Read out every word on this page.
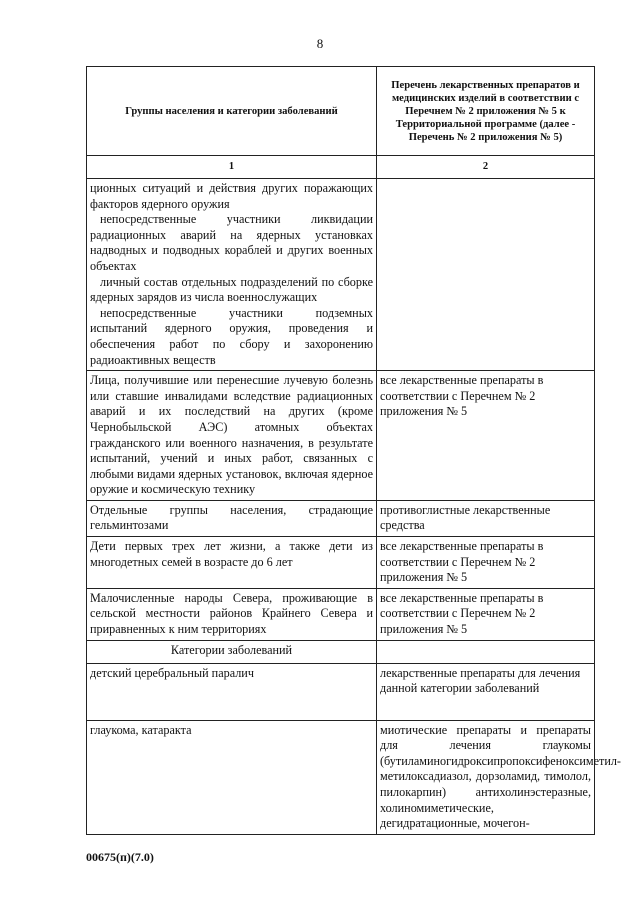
8
Группы населения и категории заболеваний	Перечень лекарственных препаратов и медицинских изделий в соответствии с Перечнем № 2 приложения № 5 к Территориальной программе (далее - Перечень № 2 приложения № 5)
1	2

ционных ситуаций и действия других поражающих факторов ядерного оружия

непосредственные участники ликвидации радиационных аварий на ядерных установках надводных и подводных кораблей и других военных объектах

личный состав отдельных подразделений по сборке ядерных зарядов из числа военнослужащих

непосредственные участники подземных испытаний ядерного оружия, проведения и обеспечения работ по сбору и захоронению радиоактивных веществ	

Лица, получившие или перенесшие лучевую болезнь или ставшие инвалидами вследствие радиационных аварий и их последствий на других (кроме Чернобыльской АЭС) атомных объектах гражданского или военного назначения, в результате испытаний, учений и иных работ, связанных с любыми видами ядерных установок, включая ядерное оружие и космическую технику	все лекарственные препараты в соответствии с Перечнем № 2 приложения № 5
Отдельные группы населения, страдающие гельминтозами	противоглистные лекарственные средства
Дети первых трех лет жизни, а также дети из многодетных семей в возрасте до 6 лет	все лекарственные препараты в соответствии с Перечнем № 2 приложения № 5
Малочисленные народы Севера, проживающие в сельской местности районов Крайнего Севера и приравненных к ним территориях	все лекарственные препараты в соответствии с Перечнем № 2 приложения № 5
Категории заболеваний	
детский церебральный паралич	лекарственные препараты для лечения данной категории заболеваний
глаукома, катаракта	миотические препараты и препараты для лечения глаукомы (бутиламиногидроксипропоксифеноксиметил-метилоксадиазол, дорзоламид, тимолол, пилокарпин) антихолинэстеразные, холиномиметические, дегидратационные, мочегон-
00675(п)(7.0)
